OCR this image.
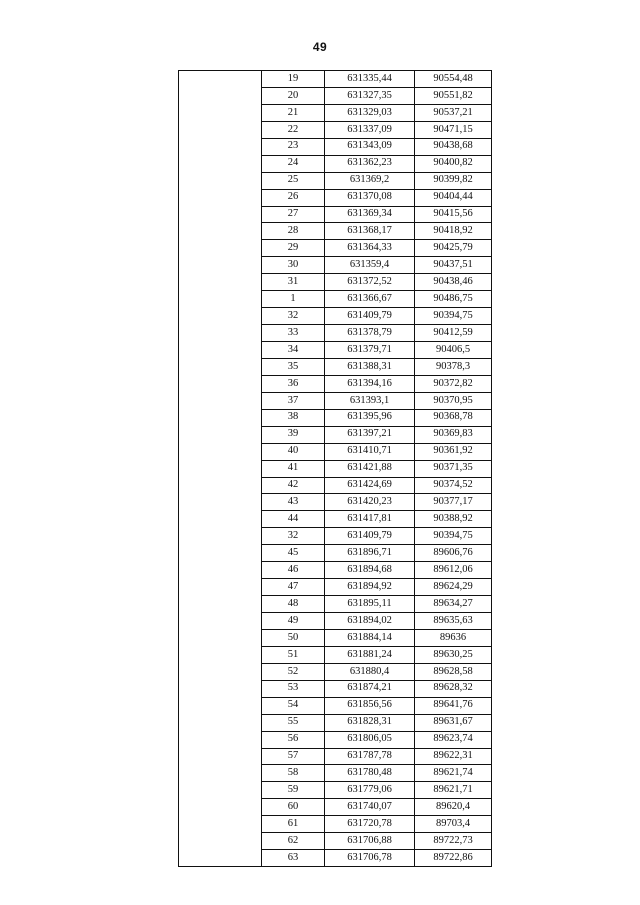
49
	19	631335,44	90554,48
	20	631327,35	90551,82
	21	631329,03	90537,21
	22	631337,09	90471,15
	23	631343,09	90438,68
	24	631362,23	90400,82
	25	631369,2	90399,82
	26	631370,08	90404,44
	27	631369,34	90415,56
	28	631368,17	90418,92
	29	631364,33	90425,79
	30	631359,4	90437,51
	31	631372,52	90438,46
	1	631366,67	90486,75
	32	631409,79	90394,75
	33	631378,79	90412,59
	34	631379,71	90406,5
	35	631388,31	90378,3
	36	631394,16	90372,82
	37	631393,1	90370,95
	38	631395,96	90368,78
	39	631397,21	90369,83
	40	631410,71	90361,92
	41	631421,88	90371,35
	42	631424,69	90374,52
	43	631420,23	90377,17
	44	631417,81	90388,92
	32	631409,79	90394,75
	45	631896,71	89606,76
	46	631894,68	89612,06
	47	631894,92	89624,29
	48	631895,11	89634,27
	49	631894,02	89635,63
	50	631884,14	89636
	51	631881,24	89630,25
	52	631880,4	89628,58
	53	631874,21	89628,32
	54	631856,56	89641,76
	55	631828,31	89631,67
	56	631806,05	89623,74
	57	631787,78	89622,31
	58	631780,48	89621,74
	59	631779,06	89621,71
	60	631740,07	89620,4
	61	631720,78	89703,4
	62	631706,88	89722,73
	63	631706,78	89722,86
